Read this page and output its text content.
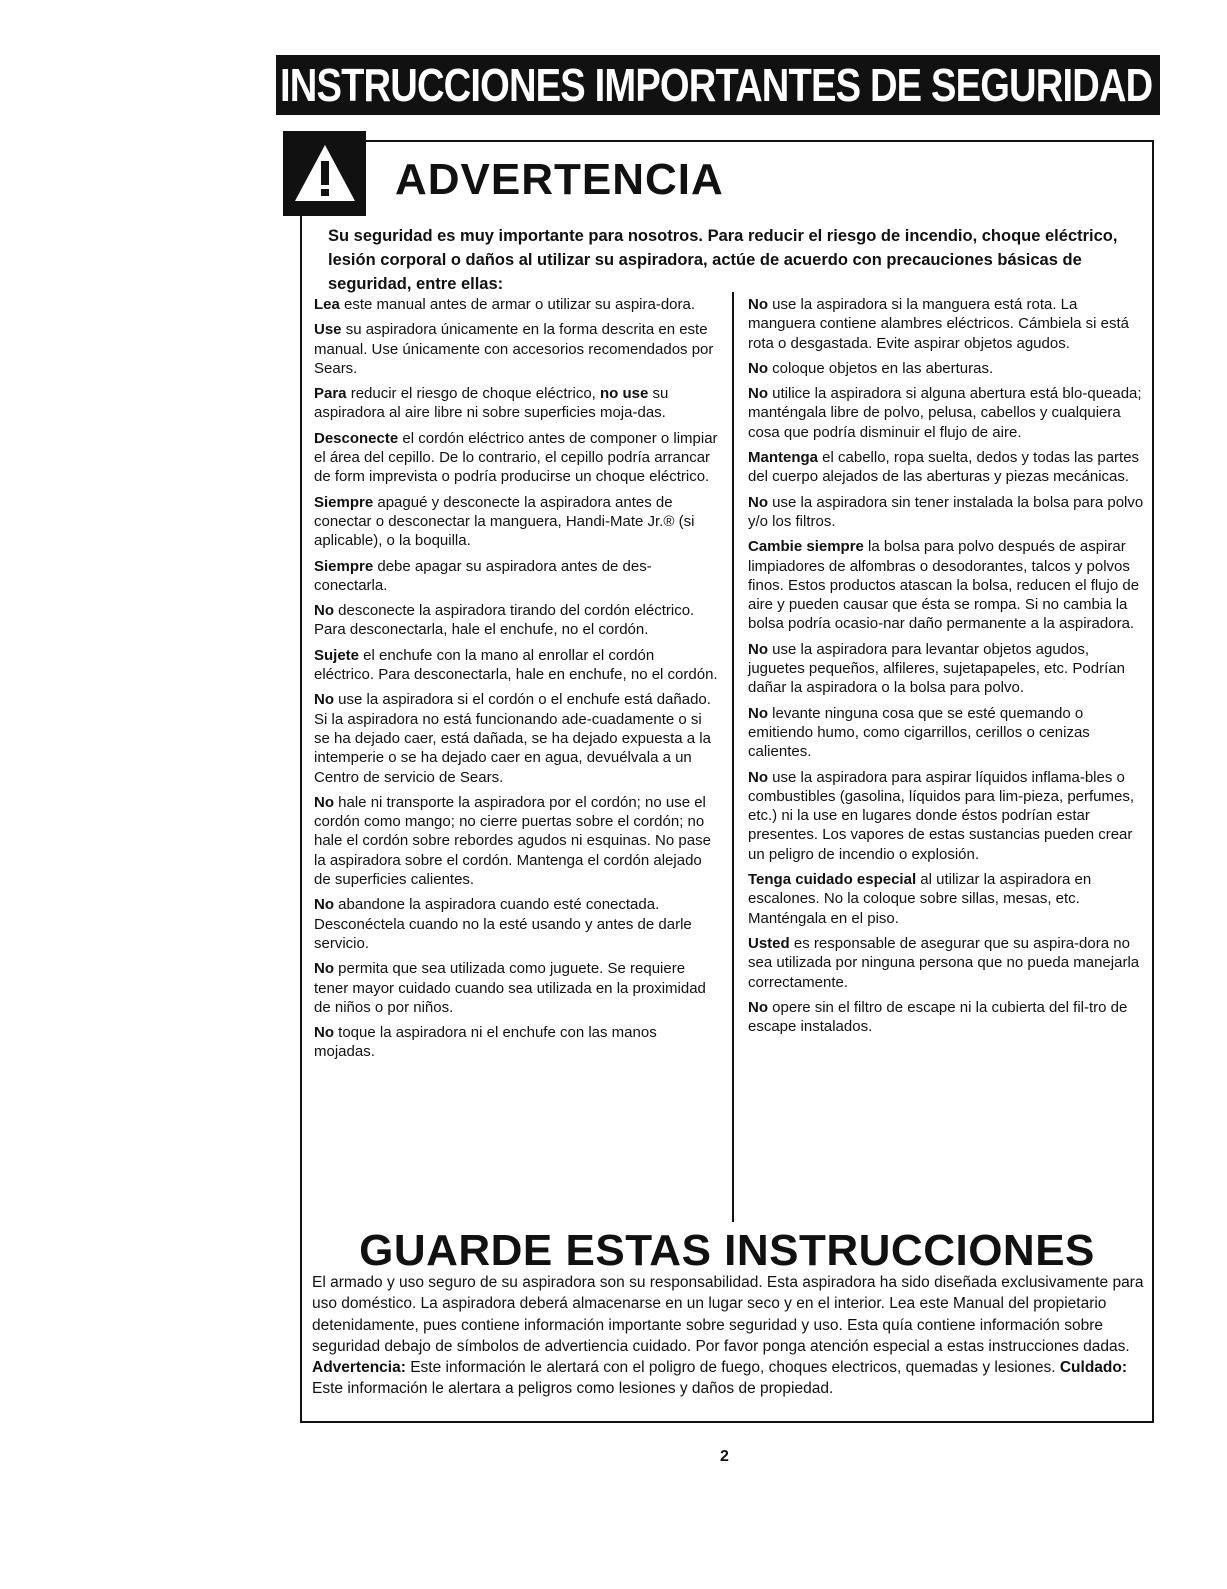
INSTRUCCIONES IMPORTANTES DE SEGURIDAD
ADVERTENCIA
Su seguridad es muy importante para nosotros. Para reducir el riesgo de incendio, choque eléctrico, lesión corporal o daños al utilizar su aspiradora, actúe de acuerdo con precauciones básicas de seguridad, entre ellas:

Lea este manual antes de armar o utilizar su aspira-dora.

Use su aspiradora únicamente en la forma descrita en este manual. Use únicamente con accesorios recomendados por Sears.

Para reducir el riesgo de choque eléctrico, no use su aspiradora al aire libre ni sobre superficies moja-das.

Desconecte el cordón eléctrico antes de componer o limpiar el área del cepillo. De lo contrario, el cepillo podría arrancar de form imprevista o podría producirse un choque eléctrico.

Siempre apagué y desconecte la aspiradora antes de conectar o desconectar la manguera, Handi-Mate Jr.® (si aplicable), o la boquilla.

Siempre debe apagar su aspiradora antes de des-conectarla.

No desconecte la aspiradora tirando del cordón eléctrico. Para desconectarla, hale el enchufe, no el cordón.

Sujete el enchufe con la mano al enrollar el cordón eléctrico. Para desconectarla, hale en enchufe, no el cordón.

No use la aspiradora si el cordón o el enchufe está dañado. Si la aspiradora no está funcionando ade-cuadamente o si se ha dejado caer, está dañada, se ha dejado expuesta a la intemperie o se ha dejado caer en agua, devuélvala a un Centro de servicio de Sears.

No hale ni transporte la aspiradora por el cordón; no use el cordón como mango; no cierre puertas sobre el cordón; no hale el cordón sobre rebordes agudos ni esquinas. No pase la aspiradora sobre el cordón. Mantenga el cordón alejado de superficies calientes.

No abandone la aspiradora cuando esté conectada. Desconéctela cuando no la esté usando y antes de darle servicio.

No permita que sea utilizada como juguete. Se requiere tener mayor cuidado cuando sea utilizada en la proximidad de niños o por niños.

No toque la aspiradora ni el enchufe con las manos mojadas.

No use la aspiradora si la manguera está rota. La manguera contiene alambres eléctricos. Cámbiela si está rota o desgastada. Evite aspirar objetos agudos.

No coloque objetos en las aberturas.

No utilice la aspiradora si alguna abertura está blo-queada; manténgala libre de polvo, pelusa, cabellos y cualquiera cosa que podría disminuir el flujo de aire.

Mantenga el cabello, ropa suelta, dedos y todas las partes del cuerpo alejados de las aberturas y piezas mecánicas.

No use la aspiradora sin tener instalada la bolsa para polvo y/o los filtros.

Cambie siempre la bolsa para polvo después de aspirar limpiadores de alfombras o desodorantes, talcos y polvos finos. Estos productos atascan la bolsa, reducen el flujo de aire y pueden causar que ésta se rompa. Si no cambia la bolsa podría ocasio-nar daño permanente a la aspiradora.

No use la aspiradora para levantar objetos agudos, juguetes pequeños, alfileres, sujetapapeles, etc. Podrían dañar la aspiradora o la bolsa para polvo.

No levante ninguna cosa que se esté quemando o emitiendo humo, como cigarrillos, cerillos o cenizas calientes.

No use la aspiradora para aspirar líquidos inflama-bles o combustibles (gasolina, líquidos para lim-pieza, perfumes, etc.) ni la use en lugares donde éstos podrían estar presentes. Los vapores de estas sustancias pueden crear un peligro de incendio o explosión.

Tenga cuidado especial al utilizar la aspiradora en escalones. No la coloque sobre sillas, mesas, etc. Manténgala en el piso.

Usted es responsable de asegurar que su aspira-dora no sea utilizada por ninguna persona que no pueda manejarla correctamente.

No opere sin el filtro de escape ni la cubierta del fil-tro de escape instalados.

GUARDE ESTAS INSTRUCCIONES
El armado y uso seguro de su aspiradora son su responsabilidad. Esta aspiradora ha sido diseñada exclusivamente para uso doméstico. La aspiradora deberá almacenarse en un lugar seco y en el interior. Lea este Manual del propietario detenidamente, pues contiene información importante sobre seguridad y uso. Esta quía contiene información sobre seguridad debajo de símbolos de advertiencia cuidado. Por favor ponga atención especial a estas instrucciones dadas. Advertencia: Este información le alertará con el poligro de fuego, choques electricos, quemadas y lesiones. Culdado: Este información le alertara a peligros como lesiones y daños de propiedad.
2
